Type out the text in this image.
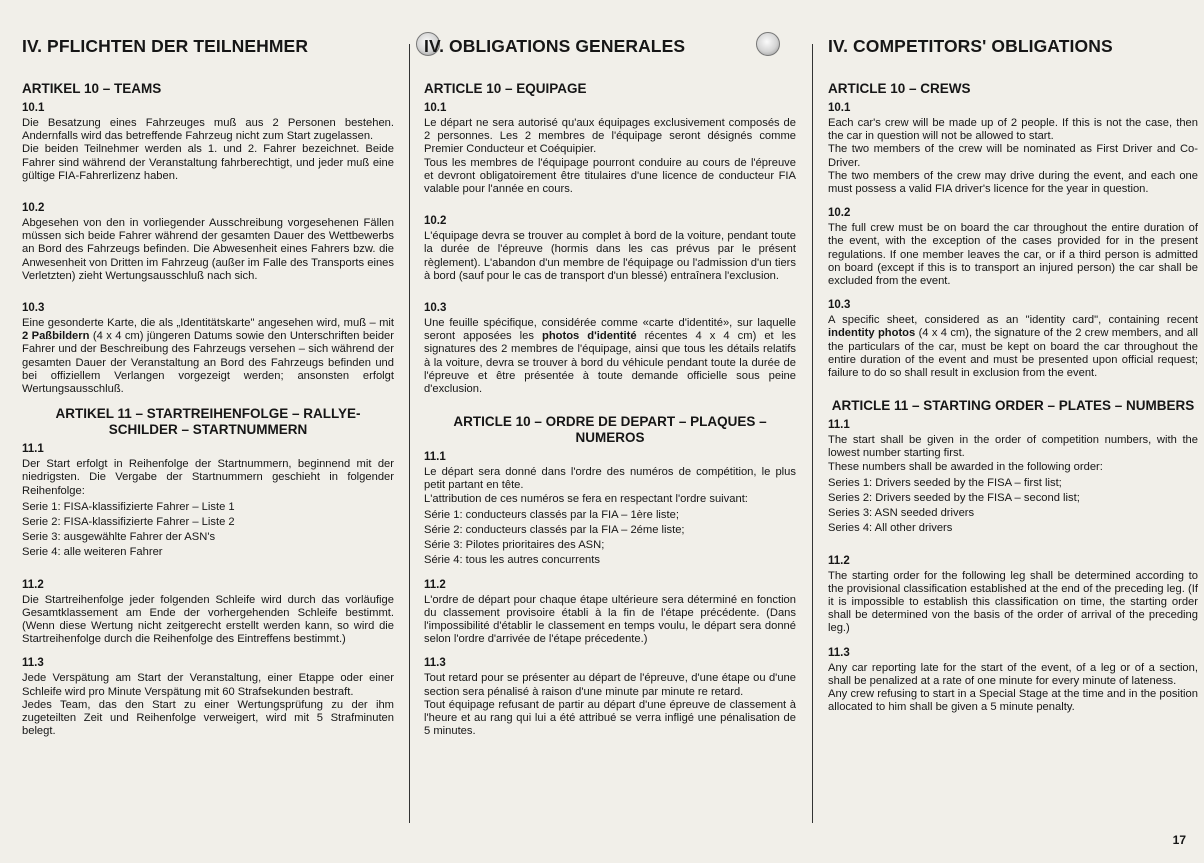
IV. PFLICHTEN DER TEILNEHMER
ARTIKEL 10 – TEAMS
10.1

Die Besatzung eines Fahrzeuges muß aus 2 Personen bestehen. Andernfalls wird das betreffende Fahrzeug nicht zum Start zugelassen.
Die beiden Teilnehmer werden als 1. und 2. Fahrer bezeichnet. Beide Fahrer sind während der Veranstaltung fahrberechtigt, und jeder muß eine gültige FIA-Fahrerlizenz haben.

10.2

Abgesehen von den in vorliegender Ausschreibung vorgesehenen Fällen müssen sich beide Fahrer während der gesamten Dauer des Wettbewerbs an Bord des Fahrzeugs befinden. Die Abwesenheit eines Fahrers bzw. die Anwesenheit von Dritten im Fahrzeug (außer im Falle des Transports eines Verletzten) zieht Wertungsausschluß nach sich.

10.3

Eine gesonderte Karte, die als „Identitätskarte" angesehen wird, muß – mit 2 Paßbildern (4 x 4 cm) jüngeren Datums sowie den Unterschriften beider Fahrer und der Beschreibung des Fahrzeugs versehen – sich während der gesamten Dauer der Veranstaltung an Bord des Fahrzeugs befinden und bei offiziellem Verlangen vorgezeigt werden; ansonsten erfolgt Wertungsausschluß.

ARTIKEL 11 – STARTREIHENFOLGE – RALLYE-SCHILDER – STARTNUMMERN
11.1

Der Start erfolgt in Reihenfolge der Startnummern, beginnend mit der niedrigsten. Die Vergabe der Startnummern geschieht in folgender Reihenfolge:

Serie 1: FISA-klassifizierte Fahrer – Liste 1

Serie 2: FISA-klassifizierte Fahrer – Liste 2

Serie 3: ausgewählte Fahrer der ASN's

Serie 4: alle weiteren Fahrer

11.2

Die Startreihenfolge jeder folgenden Schleife wird durch das vorläufige Gesamtklassement am Ende der vorhergehenden Schleife bestimmt. (Wenn diese Wertung nicht zeitgerecht erstellt werden kann, so wird die Startreihenfolge durch die Reihenfolge des Eintreffens bestimmt.)

11.3

Jede Verspätung am Start der Veranstaltung, einer Etappe oder einer Schleife wird pro Minute Verspätung mit 60 Strafsekunden bestraft.
Jedes Team, das den Start zu einer Wertungsprüfung zu der ihm zugeteilten Zeit und Reihenfolge verweigert, wird mit 5 Strafminuten belegt.

IV. OBLIGATIONS GENERALES
ARTICLE 10 – EQUIPAGE
10.1

Le départ ne sera autorisé qu'aux équipages exclusivement composés de 2 personnes. Les 2 membres de l'équipage seront désignés comme Premier Conducteur et Coéquipier.
Tous les membres de l'équipage pourront conduire au cours de l'épreuve et devront obligatoirement être titulaires d'une licence de conducteur FIA valable pour l'année en cours.

10.2

L'équipage devra se trouver au complet à bord de la voiture, pendant toute la durée de l'épreuve (hormis dans les cas prévus par le présent règlement). L'abandon d'un membre de l'équipage ou l'admission d'un tiers à bord (sauf pour le cas de transport d'un blessé) entraînera l'exclusion.

10.3

Une feuille spécifique, considérée comme «carte d'identité», sur laquelle seront apposées les photos d'identité récentes 4 x 4 cm) et les signatures des 2 membres de l'équipage, ainsi que tous les détails relatifs à la voiture, devra se trouver à bord du véhicule pendant toute la durée de l'épreuve et être présentée à toute demande officielle sous peine d'exclusion.

ARTICLE 10 – ORDRE DE DEPART – PLAQUES – NUMEROS
11.1

Le départ sera donné dans l'ordre des numéros de compétition, le plus petit partant en tête.
L'attribution de ces numéros se fera en respectant l'ordre suivant:

Série 1: conducteurs classés par la FIA – 1ère liste;

Série 2: conducteurs classés par la FIA – 2éme liste;

Série 3: Pilotes prioritaires des ASN;

Série 4: tous les autres concurrents

11.2

L'ordre de départ pour chaque étape ultérieure sera déterminé en fonction du classement provisoire établi à la fin de l'étape précédente. (Dans l'impossibilité d'établir le classement en temps voulu, le départ sera donné selon l'ordre d'arrivée de l'étape précedente.)

11.3

Tout retard pour se présenter au départ de l'épreuve, d'une étape ou d'une section sera pénalisé à raison d'une minute par minute re retard.
Tout équipage refusant de partir au départ d'une épreuve de classement à l'heure et au rang qui lui a été attribué se verra infligé une pénalisation de 5 minutes.

IV. COMPETITORS' OBLIGATIONS
ARTICLE 10 – CREWS
10.1

Each car's crew will be made up of 2 people. If this is not the case, then the car in question will not be allowed to start.
The two members of the crew will be nominated as First Driver and Co-Driver.
The two members of the crew may drive during the event, and each one must possess a valid FIA driver's licence for the year in question.

10.2

The full crew must be on board the car throughout the entire duration of the event, with the exception of the cases provided for in the present regulations. If one member leaves the car, or if a third person is admitted on board (except if this is to transport an injured person) the car shall be excluded from the event.

10.3

A specific sheet, considered as an "identity card", containing recent indentity photos (4 x 4 cm), the signature of the 2 crew members, and all the particulars of the car, must be kept on board the car throughout the entire duration of the event and must be presented upon official request; failure to do so shall result in exclusion from the event.

ARTICLE 11 – STARTING ORDER – PLATES – NUMBERS
11.1

The start shall be given in the order of competition numbers, with the lowest number starting first.
These numbers shall be awarded in the following order:

Series 1: Drivers seeded by the FISA – first list;

Series 2: Drivers seeded by the FISA – second list;

Series 3: ASN seeded drivers

Series 4: All other drivers

11.2

The starting order for the following leg shall be determined according to the provisional classification established at the end of the preceding leg. (If it is impossible to establish this classification on time, the starting order shall be determined von the basis of the order of arrival of the preceding leg.)

11.3

Any car reporting late for the start of the event, of a leg or of a section, shall be penalized at a rate of one minute for every minute of lateness.
Any crew refusing to start in a Special Stage at the time and in the position allocated to him shall be given a 5 minute penalty.

17
